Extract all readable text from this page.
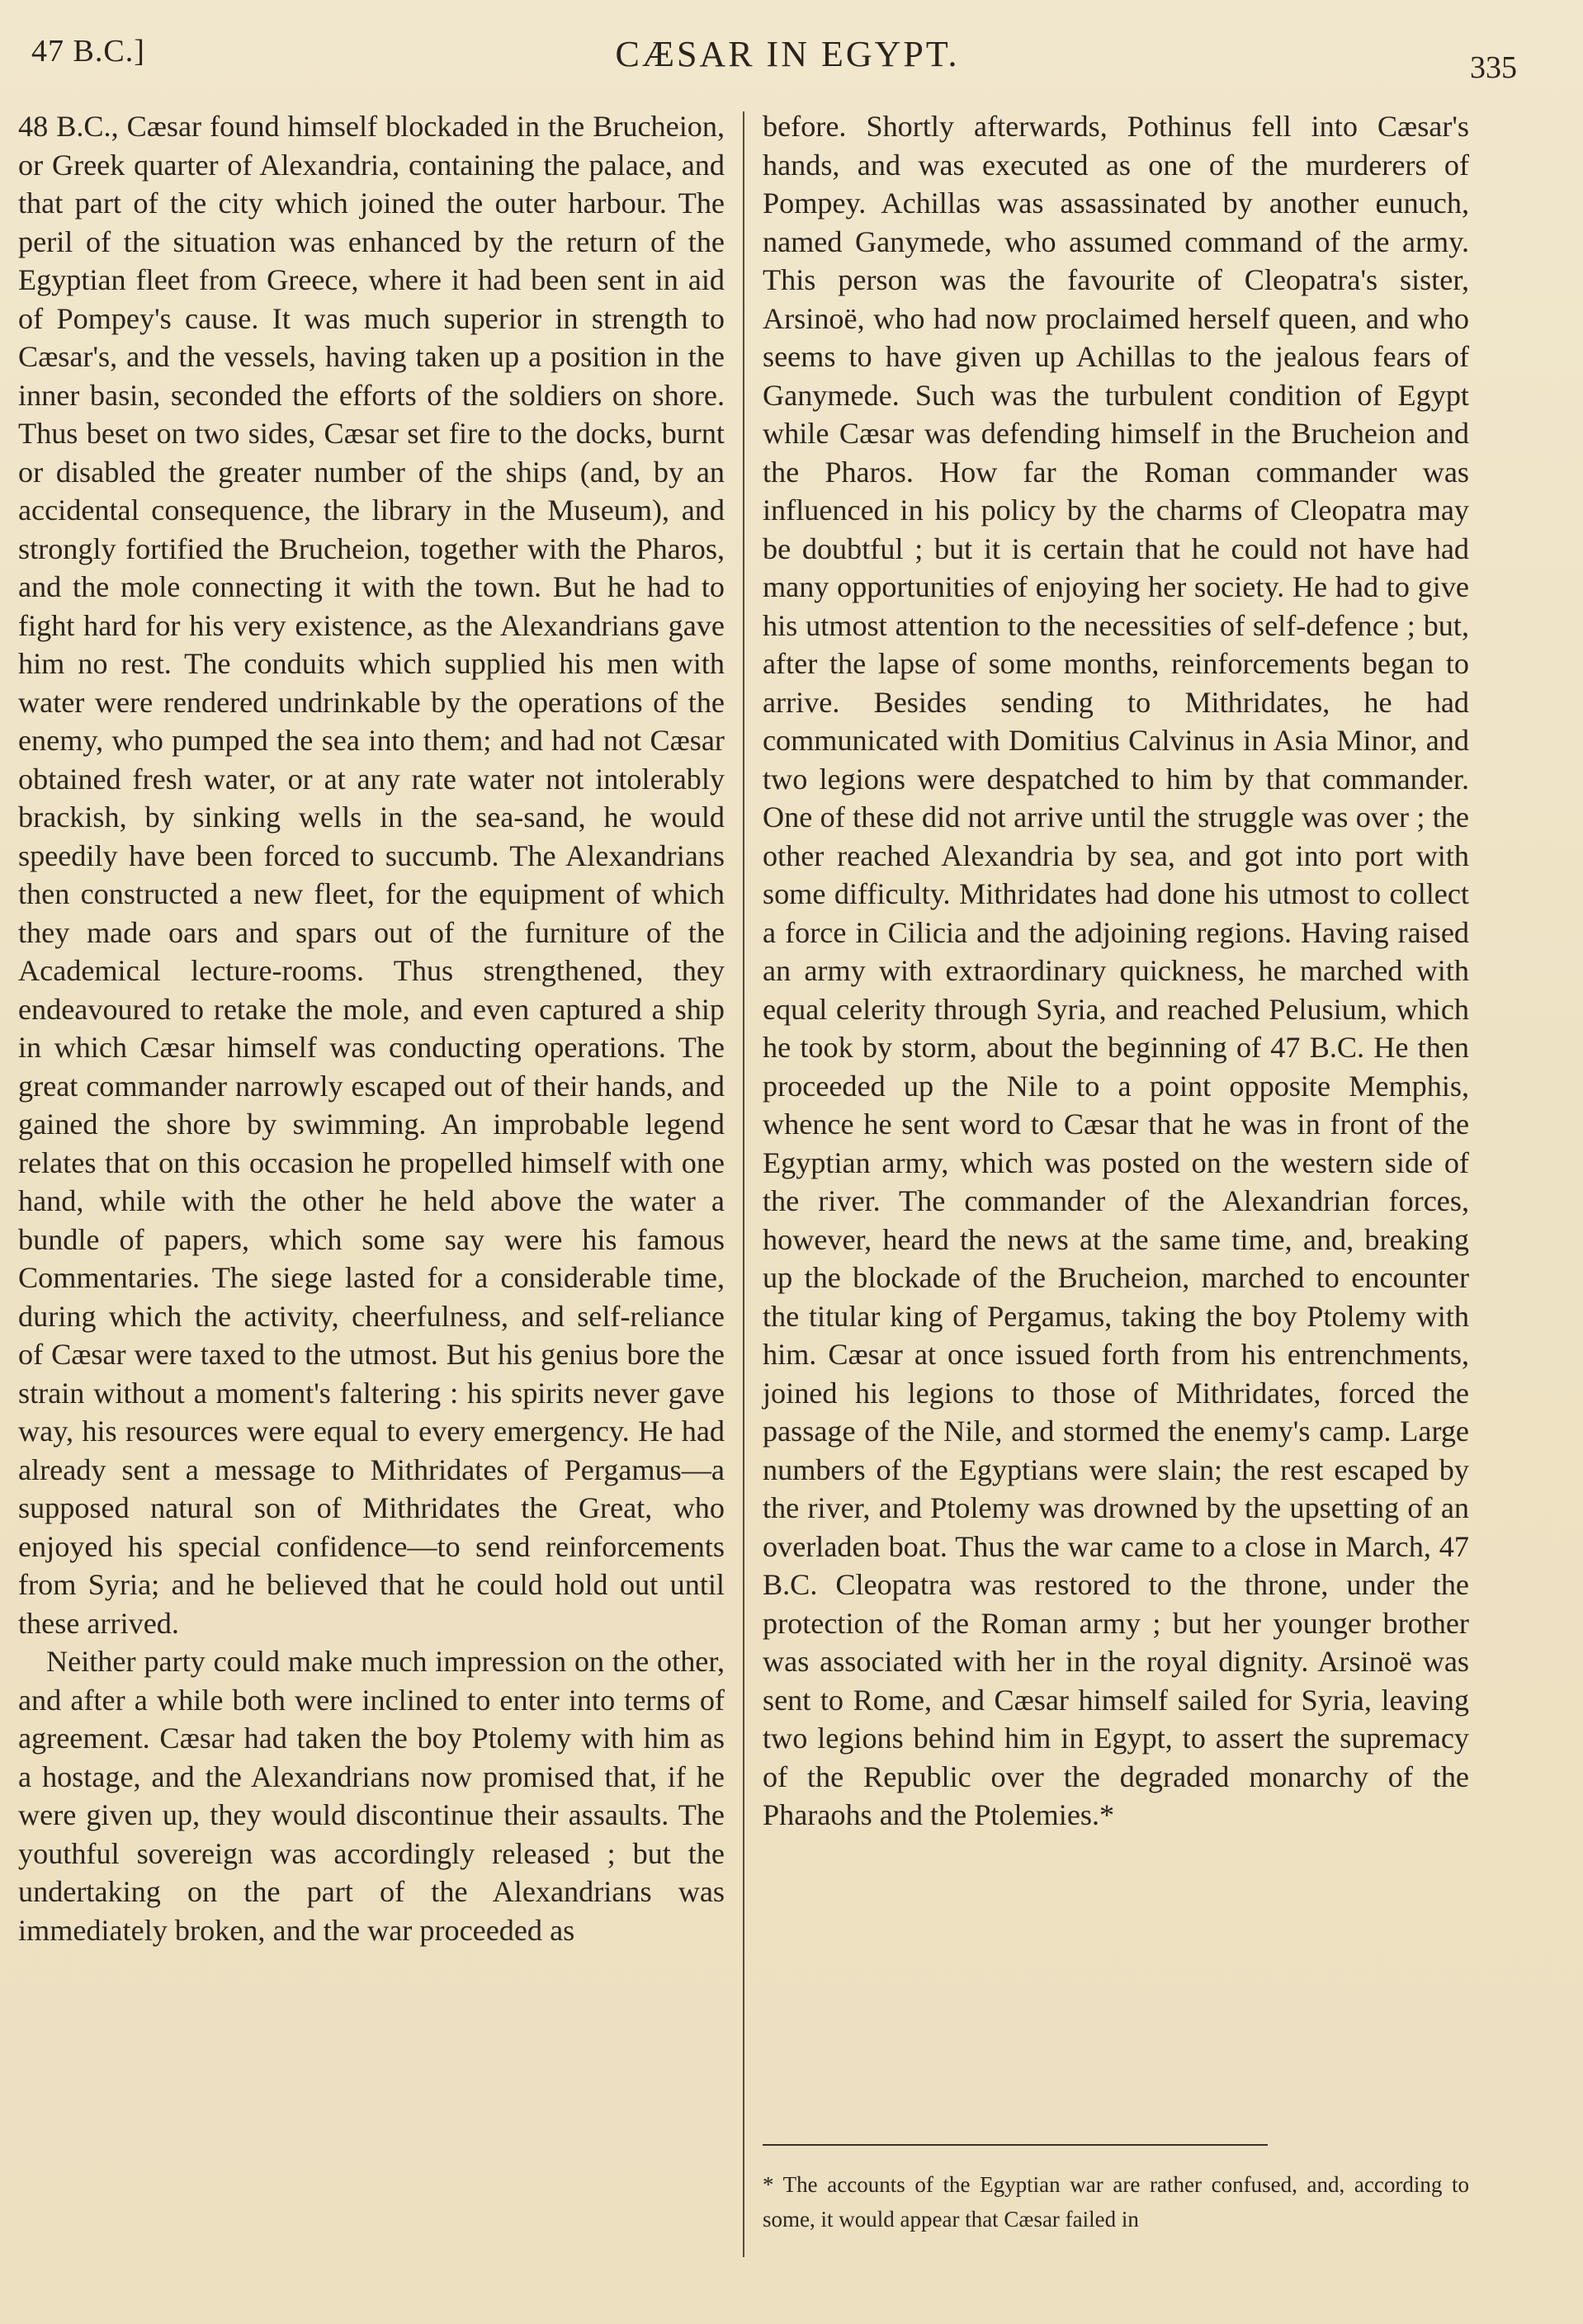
47 B.C.]	CÆSAR IN EGYPT.	335

48 B.C., Cæsar found himself blockaded in the Brucheion, or Greek quarter of Alexandria, containing the palace, and that part of the city which joined the outer harbour. The peril of the situation was enhanced by the return of the Egyptian fleet from Greece, where it had been sent in aid of Pompey's cause. It was much superior in strength to Cæsar's, and the vessels, having taken up a position in the inner basin, seconded the efforts of the soldiers on shore. Thus beset on two sides, Cæsar set fire to the docks, burnt or disabled the greater number of the ships (and, by an accidental consequence, the library in the Museum), and strongly fortified the Brucheion, together with the Pharos, and the mole connecting it with the town. But he had to fight hard for his very existence, as the Alexandrians gave him no rest. The conduits which supplied his men with water were rendered undrinkable by the operations of the enemy, who pumped the sea into them; and had not Cæsar obtained fresh water, or at any rate water not intolerably brackish, by sinking wells in the sea-sand, he would speedily have been forced to succumb. The Alexandrians then constructed a new fleet, for the equipment of which they made oars and spars out of the furniture of the Academical lecture-rooms. Thus strengthened, they endeavoured to retake the mole, and even captured a ship in which Cæsar himself was conducting operations. The great commander narrowly escaped out of their hands, and gained the shore by swimming. An improbable legend relates that on this occasion he propelled himself with one hand, while with the other he held above the water a bundle of papers, which some say were his famous Commentaries. The siege lasted for a considerable time, during which the activity, cheerfulness, and self-reliance of Cæsar were taxed to the utmost. But his genius bore the strain without a moment's faltering : his spirits never gave way, his resources were equal to every emergency. He had already sent a message to Mithridates of Pergamus—a supposed natural son of Mithridates the Great, who enjoyed his special confidence—to send reinforcements from Syria; and he believed that he could hold out until these arrived.

Neither party could make much impression on the other, and after a while both were inclined to enter into terms of agreement. Cæsar had taken the boy Ptolemy with him as a hostage, and the Alexandrians now promised that, if he were given up, they would discontinue their assaults. The youthful sovereign was accordingly released ; but the undertaking on the part of the Alexandrians was immediately broken, and the war proceeded as

before. Shortly afterwards, Pothinus fell into Cæsar's hands, and was executed as one of the murderers of Pompey. Achillas was assassinated by another eunuch, named Ganymede, who assumed command of the army. This person was the favourite of Cleopatra's sister, Arsinoë, who had now proclaimed herself queen, and who seems to have given up Achillas to the jealous fears of Ganymede. Such was the turbulent condition of Egypt while Cæsar was defending himself in the Brucheion and the Pharos. How far the Roman commander was influenced in his policy by the charms of Cleopatra may be doubtful ; but it is certain that he could not have had many opportunities of enjoying her society. He had to give his utmost attention to the necessities of self-defence ; but, after the lapse of some months, reinforcements began to arrive. Besides sending to Mithridates, he had communicated with Domitius Calvinus in Asia Minor, and two legions were despatched to him by that commander. One of these did not arrive until the struggle was over ; the other reached Alexandria by sea, and got into port with some difficulty. Mithridates had done his utmost to collect a force in Cilicia and the adjoining regions. Having raised an army with extraordinary quickness, he marched with equal celerity through Syria, and reached Pelusium, which he took by storm, about the beginning of 47 B.C. He then proceeded up the Nile to a point opposite Memphis, whence he sent word to Cæsar that he was in front of the Egyptian army, which was posted on the western side of the river. The commander of the Alexandrian forces, however, heard the news at the same time, and, breaking up the blockade of the Brucheion, marched to encounter the titular king of Pergamus, taking the boy Ptolemy with him. Cæsar at once issued forth from his entrenchments, joined his legions to those of Mithridates, forced the passage of the Nile, and stormed the enemy's camp. Large numbers of the Egyptians were slain; the rest escaped by the river, and Ptolemy was drowned by the upsetting of an overladen boat. Thus the war came to a close in March, 47 B.C. Cleopatra was restored to the throne, under the protection of the Roman army ; but her younger brother was associated with her in the royal dignity. Arsinoë was sent to Rome, and Cæsar himself sailed for Syria, leaving two legions behind him in Egypt, to assert the supremacy of the Republic over the degraded monarchy of the Pharaohs and the Ptolemies.*

* The accounts of the Egyptian war are rather confused, and, according to some, it would appear that Cæsar failed in
